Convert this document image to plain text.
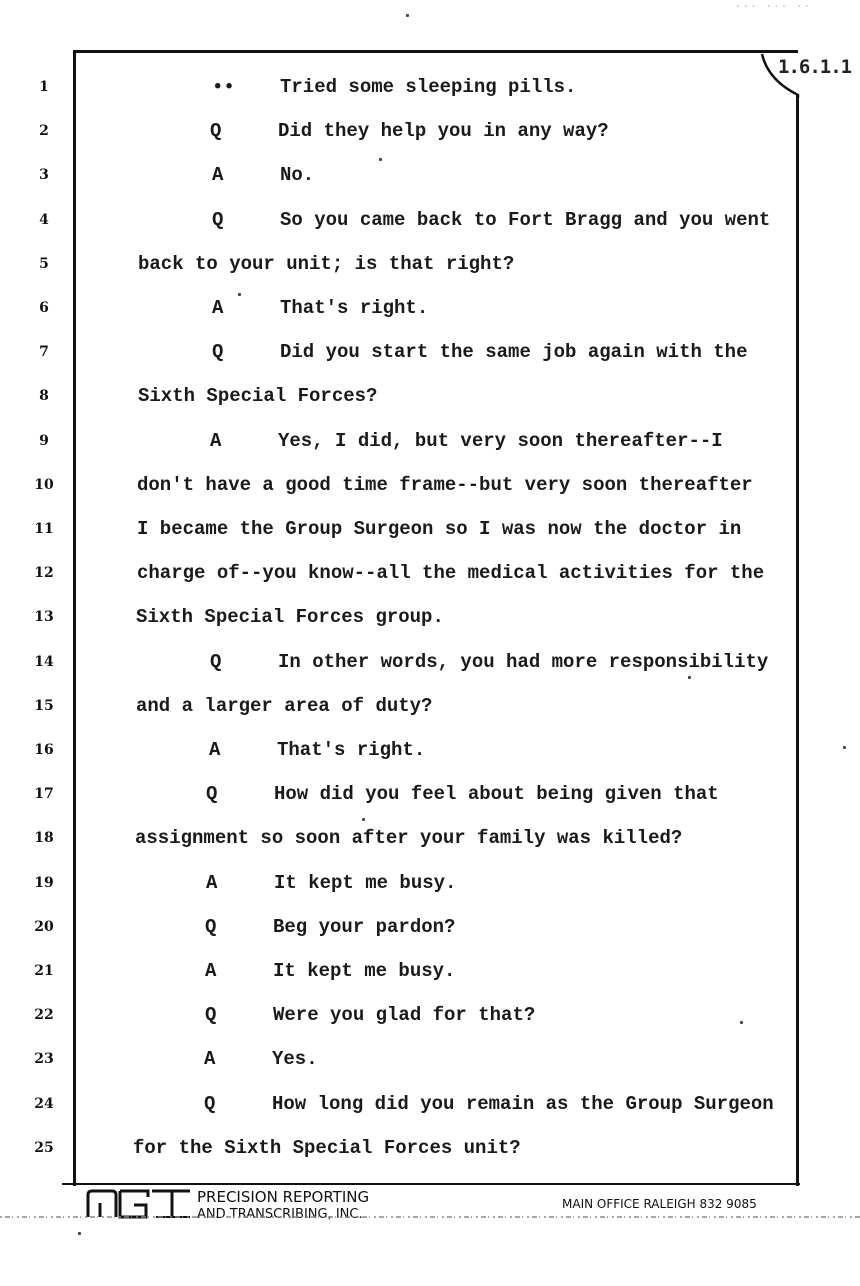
··· ··· ··
1.6.1.1
1
2
3
4
5
6
7
8
9
10
11
12
13
14
15
16
17
18
19
20
21
22
23
24
25
•• Tried some sleeping pills.
Q	Did they help you in any way?
A	No.
Q	So you came back to Fort Bragg and you went
back to your unit; is that right?
A	That's right.
Q	Did you start the same job again with the
Sixth Special Forces?
A	Yes, I did, but very soon thereafter--I
don't have a good time frame--but very soon thereafter
I became the Group Surgeon so I was now the doctor in
charge of--you know--all the medical activities for the
Sixth Special Forces group.
Q	In other words, you had more responsibility
and a larger area of duty?
A	That's right.
Q	How did you feel about being given that
assignment so soon after your family was killed?
A	It kept me busy.
Q	Beg your pardon?
A	It kept me busy.
Q	Were you glad for that?
A	Yes.
Q	How long did you remain as the Group Surgeon
for the Sixth Special Forces unit?
PRECISION REPORTING
AND TRANSCRIBING, INC.
MAIN OFFICE RALEIGH 832 9085
